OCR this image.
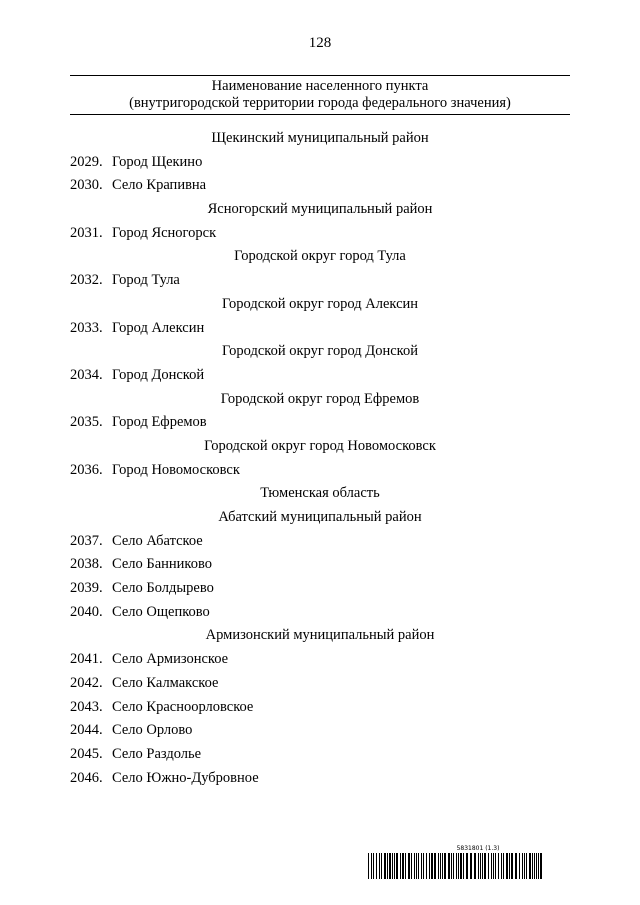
128
Наименование населенного пункта
(внутригородской территории города федерального значения)
Щекинский муниципальный район
2029. Город Щекино
2030. Село Крапивна
Ясногорский муниципальный район
2031. Город Ясногорск
Городской округ город Тула
2032. Город Тула
Городской округ город Алексин
2033. Город Алексин
Городской округ город Донской
2034. Город Донской
Городской округ город Ефремов
2035. Город Ефремов
Городской округ город Новомосковск
2036. Город Новомосковск
Тюменская область
Абатский муниципальный район
2037. Село Абатское
2038. Село Банниково
2039. Село Болдырево
2040. Село Ощепково
Армизонский муниципальный район
2041. Село Армизонское
2042. Село Калмакское
2043. Село Красноорловское
2044. Село Орлово
2045. Село Раздолье
2046. Село Южно-Дубровное
5831801 (1.3)
